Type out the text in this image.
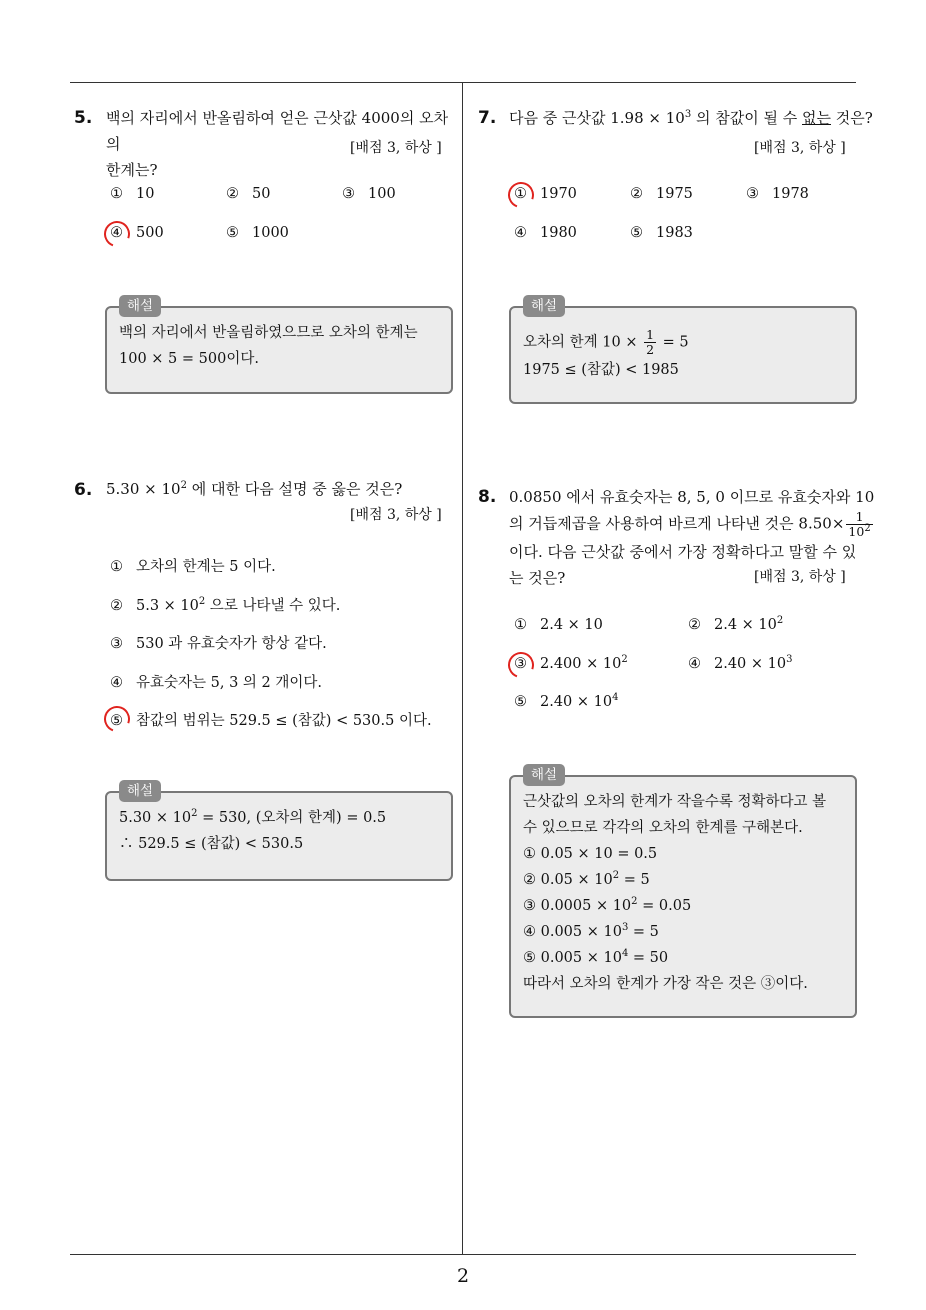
5. 백의 자리에서 반올림하여 얻은 근삿값 4000의 오차의
한계는?
[배점 3, 하상 ]
① 10	② 50	③ 100
④ 500	⑤ 1000
백의 자리에서 반올림하였으므로 오차의 한계는
100 × 5 = 500이다.
해설
6. $5.30 \times 10^2$ 에 대한 다음 설명 중 옳은 것은?
[배점 3, 하상 ]
① 오차의 한계는 5 이다.
② $5.3 \times 10^2$ 으로 나타낼 수 있다.
③ 530 과 유효숫자가 항상 같다.
④ 유효숫자는 5, 3 의 2 개이다.
⑤ 참값의 범위는 529.5 ≤ (참값) < 530.5 이다.
$5.30 \times 10^2 = 530$, (오차의 한계) = 0.5
∴ 529.5 ≤ (참값) < 530.5
해설
7. 다음 중 근삿값 $1.98 \times 10^3$ 의 참값이 될 수 없는 것은?
[배점 3, 하상 ]
① 1970	② 1975	③ 1978
④ 1980	⑤ 1983
오차의 한계 $10 \times \frac{1}{2} = 5$
1975 ≤ (참값) < 1985
해설
8. 0.0850 에서 유효숫자는 8, 5, 0 이므로 유효숫자와 10
의 거듭제곱을 사용하여 바르게 나타낸 것은 $8.50\times \frac{1}{10^2}$
이다. 다음 근삿값 중에서 가장 정확하다고 말할 수 있
는 것은?	[배점 3, 하상 ]
① 2.4 × 10	② $2.4 \times 10^2$
③ $2.400 \times 10^2$	④ $2.40 \times 10^3$
⑤ $2.40 \times 10^4$
근삿값의 오차의 한계가 작을수록 정확하다고 볼
수 있으므로 각각의 오차의 한계를 구해본다.
① 0.05 × 10 = 0.5
② $0.05 \times 10^2 = 5$
③ $0.0005 \times 10^2 = 0.05$
④ $0.005 \times 10^3 = 5$
⑤ $0.005 \times 10^4 = 50$
따라서 오차의 한계가 가장 작은 것은 ③이다.
해설
2
